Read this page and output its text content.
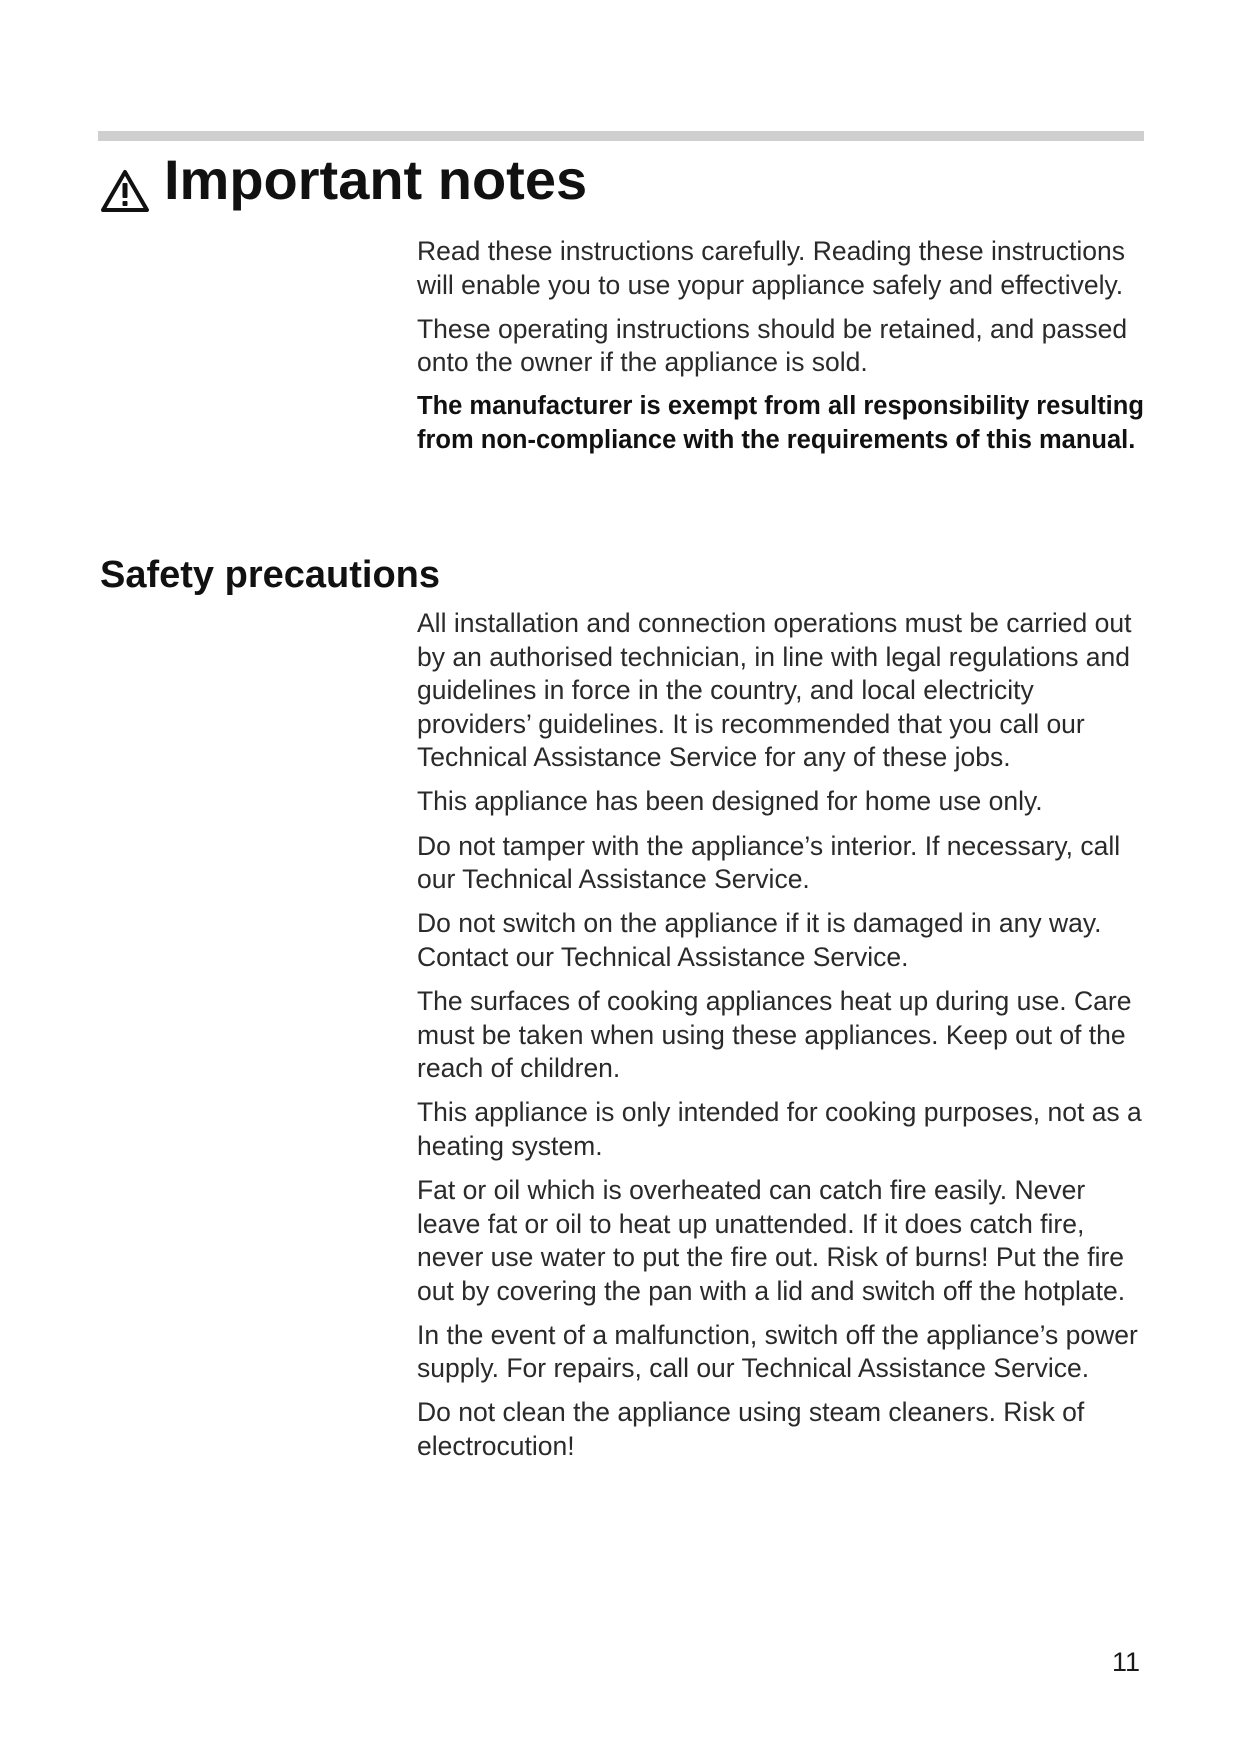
Important notes

Read these instructions carefully. Reading these instructions will enable you to use yopur appliance safely and effectively.

These operating instructions should be retained, and passed onto the owner if the appliance is sold.

The manufacturer is exempt from all responsibility resulting from non-compliance with the requirements of this manual.

Safety precautions

All installation and connection operations must be carried out by an authorised technician, in line with legal regulations and guidelines in force in the country, and local electricity providers’ guidelines. It is recommended that you call our Technical Assistance Service for any of these jobs.

This appliance has been designed for home use only.

Do not tamper with the appliance’s interior. If necessary, call our Technical Assistance Service.

Do not switch on the appliance if it is damaged in any way. Contact our Technical Assistance Service.

The surfaces of cooking appliances heat up during use. Care must be taken when using these appliances. Keep out of the reach of children.

This appliance is only intended for cooking purposes, not as a heating system.

Fat or oil which is overheated can catch fire easily. Never leave fat or oil to heat up unattended. If it does catch fire, never use water to put the fire out. Risk of burns! Put the fire out by covering the pan with a lid and switch off the hotplate.

In the event of a malfunction, switch off the appliance’s power supply. For repairs, call our Technical Assistance Service.

Do not clean the appliance using steam cleaners. Risk of electrocution!

11
